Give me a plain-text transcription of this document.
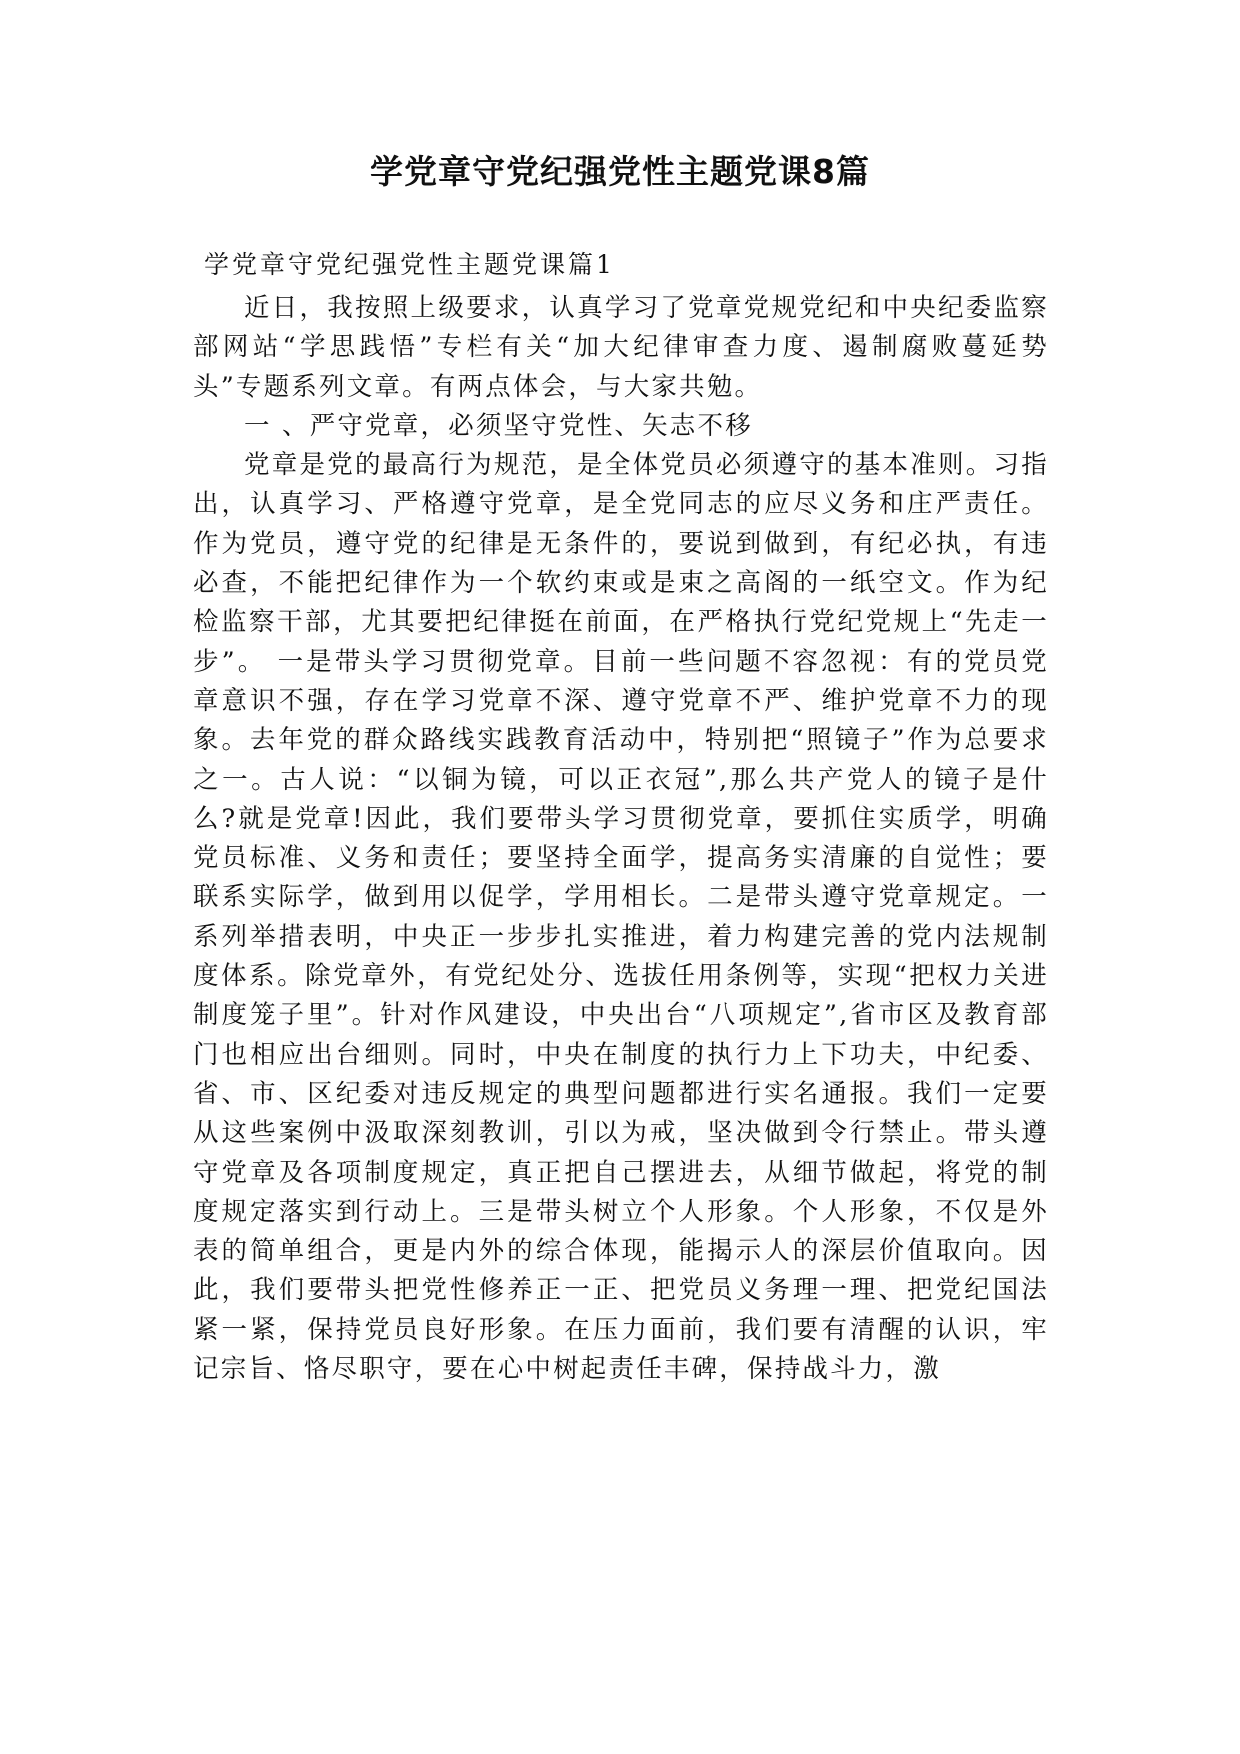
学党章守党纪强党性主题党课8篇

学党章守党纪强党性主题党课篇1

近日，我按照上级要求，认真学习了党章党规党纪和中央纪委监察部网站“学思践悟”专栏有关“加大纪律审查力度、遏制腐败蔓延势头”专题系列文章。有两点体会，与大家共勉。

一 、严守党章，必须坚守党性、矢志不移

党章是党的最高行为规范，是全体党员必须遵守的基本准则。习指出，认真学习、严格遵守党章，是全党同志的应尽义务和庄严责任。作为党员，遵守党的纪律是无条件的，要说到做到，有纪必执，有违必查，不能把纪律作为一个软约束或是束之高阁的一纸空文。作为纪检监察干部，尤其要把纪律挺在前面，在严格执行党纪党规上“先走一步”。 一是带头学习贯彻党章。目前一些问题不容忽视：有的党员党章意识不强，存在学习党章不深、遵守党章不严、维护党章不力的现象。去年党的群众路线实践教育活动中，特别把“照镜子”作为总要求之一。古人说：“以铜为镜，可以正衣冠”,那么共产党人的镜子是什么?就是党章!因此，我们要带头学习贯彻党章，要抓住实质学，明确党员标准、义务和责任；要坚持全面学，提高务实清廉的自觉性；要联系实际学，做到用以促学，学用相长。二是带头遵守党章规定。一系列举措表明，中央正一步步扎实推进，着力构建完善的党内法规制度体系。除党章外，有党纪处分、选拔任用条例等，实现“把权力关进制度笼子里”。针对作风建设，中央出台“八项规定”,省市区及教育部门也相应出台细则。同时，中央在制度的执行力上下功夫，中纪委、省、市、区纪委对违反规定的典型问题都进行实名通报。我们一定要从这些案例中汲取深刻教训，引以为戒，坚决做到令行禁止。带头遵守党章及各项制度规定，真正把自己摆进去，从细节做起，将党的制度规定落实到行动上。三是带头树立个人形象。个人形象，不仅是外表的简单组合，更是内外的综合体现，能揭示人的深层价值取向。因此，我们要带头把党性修养正一正、把党员义务理一理、把党纪国法紧一紧，保持党员良好形象。在压力面前，我们要有清醒的认识，牢记宗旨、恪尽职守，要在心中树起责任丰碑，保持战斗力，激
